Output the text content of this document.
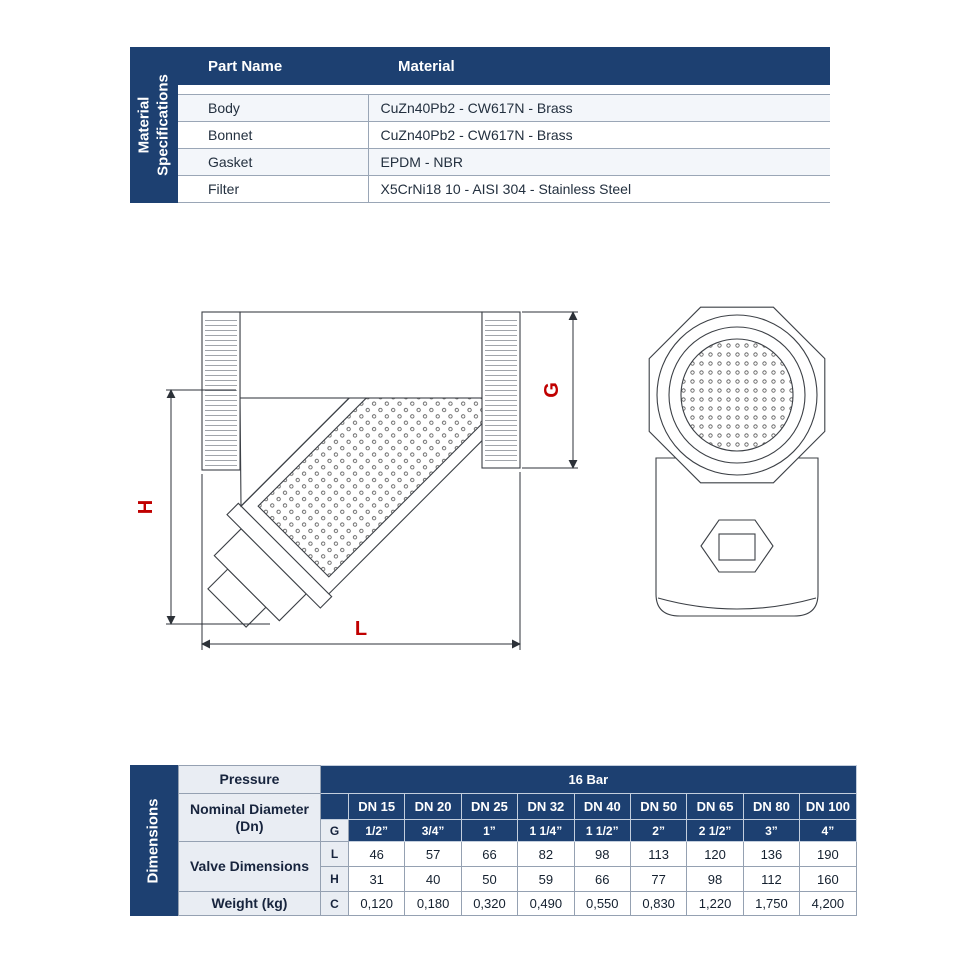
Material Specifications
Part Name	Material

Body	CuZn40Pb2 - CW617N - Brass
Bonnet	CuZn40Pb2 - CW617N - Brass
Gasket	EPDM - NBR
Filter	X5CrNi18 10 - AISI 304 - Stainless Steel
H
G
L
Dimensions
Pressure	16 Bar									
Nominal Diameter (Dn)		DN 15	DN 20	DN 25	DN 32	DN 40	DN 50	DN 65	DN 80	DN 100
	G	1/2”	3/4”	1”	1 1/4”	1 1/2”	2”	2 1/2”	3”	4”
Valve Dimensions	L	46	57	66	82	98	113	120	136	190
	H	31	40	50	59	66	77	98	112	160
Weight (kg)	C	0,120	0,180	0,320	0,490	0,550	0,830	1,220	1,750	4,200
